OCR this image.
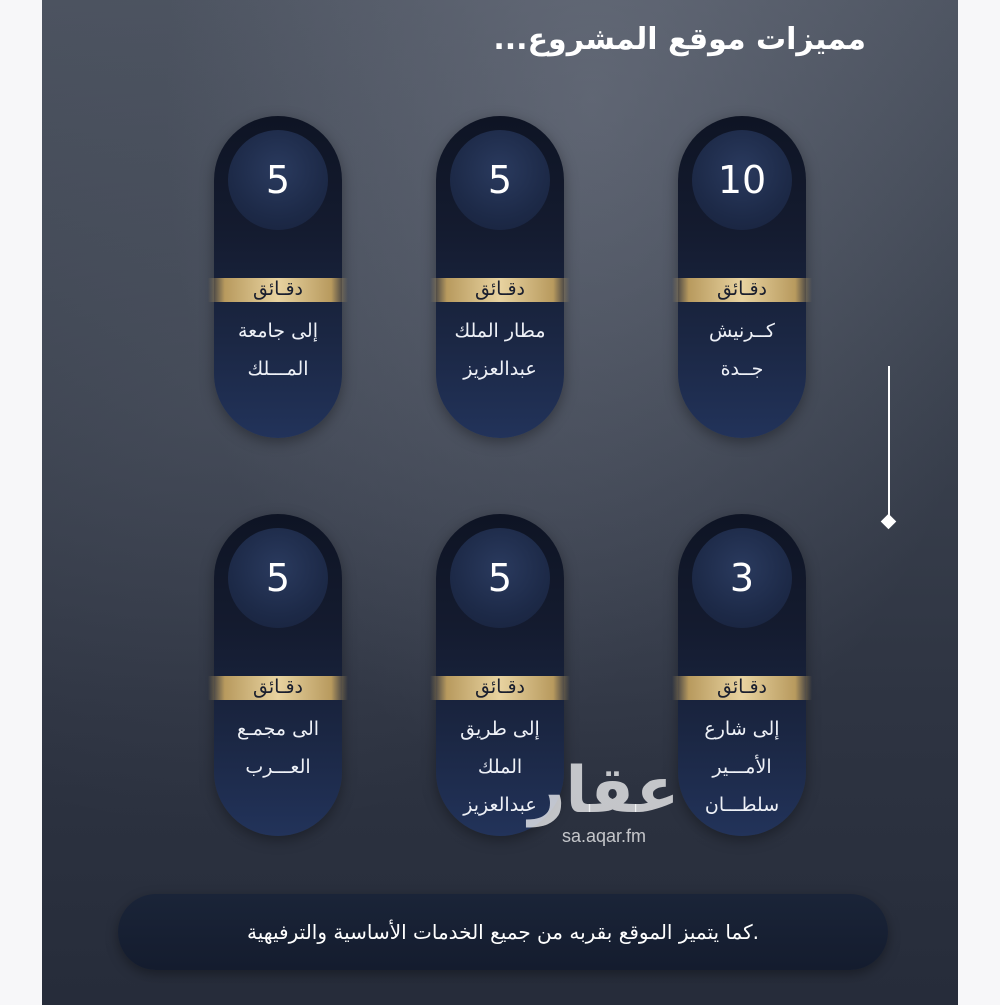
مميزات موقع المشروع...
10
دقـائق
كــرنيش
جــدة
5
دقـائق
مطار الملك
عبدالعزيز
5
دقـائق
إلى جامعة
المـــلك
3
دقـائق
إلى شارع
الأمـــير
سلطـــان
5
دقـائق
إلى طريق
الملك
عبدالعزيز
5
دقـائق
الى مجمـع
العـــرب	عقار
sa.aqar.fm
.كما يتميز الموقع بقربه من جميع الخدمات الأساسية والترفيهية
